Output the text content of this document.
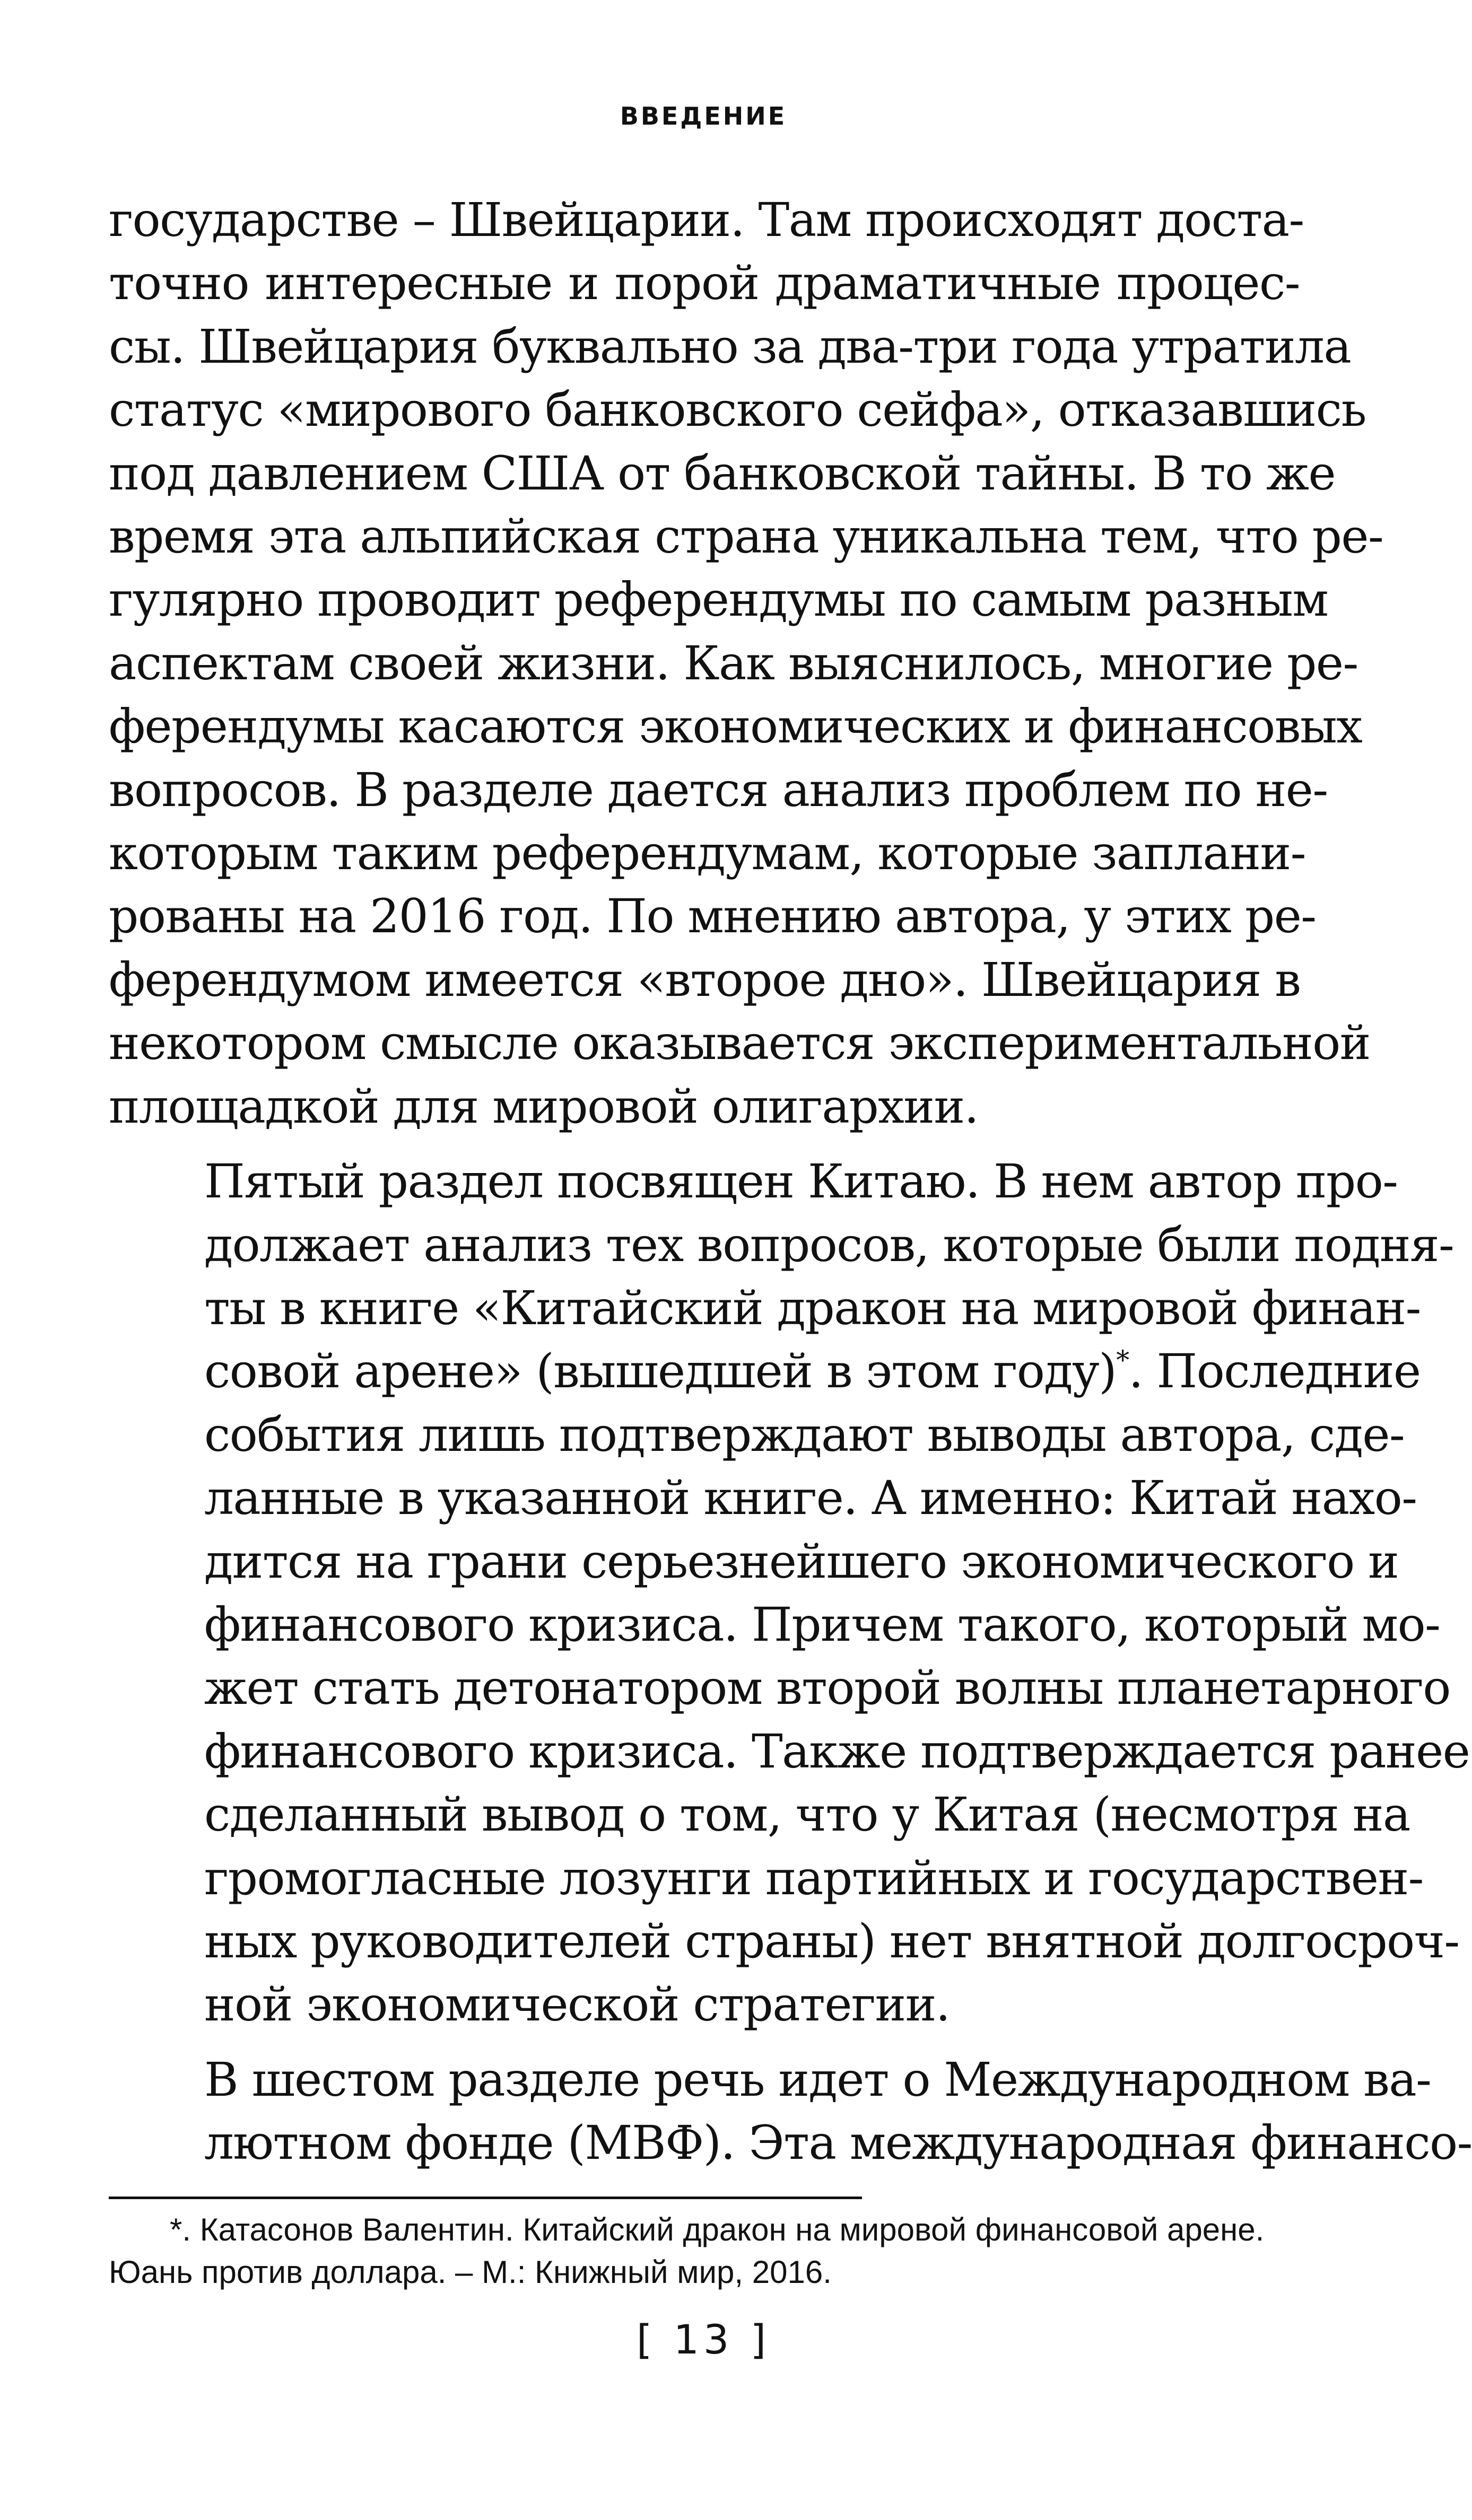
ВВЕДЕНИЕ

государстве – Швейцарии. Там происходят доста-
точно интересные и порой драматичные процес-
сы. Швейцария буквально за два-три года утратила
статус «мирового банковского сейфа», отказавшись
под давлением США от банковской тайны. В то же
время эта альпийская страна уникальна тем, что ре-
гулярно проводит референдумы по самым разным
аспектам своей жизни. Как выяснилось, многие ре-
ферендумы касаются экономических и финансовых
вопросов. В разделе дается анализ проблем по не-
которым таким референдумам, которые заплани-
рованы на 2016 год. По мнению автора, у этих ре-
ферендумом имеется «второе дно». Швейцария в
некотором смысле оказывается экспериментальной
площадкой для мировой олигархии.

Пятый раздел посвящен Китаю. В нем автор про-
должает анализ тех вопросов, которые были подня-
ты в книге «Китайский дракон на мировой финан-
совой арене» (вышедшей в этом году)*. Последние
события лишь подтверждают выводы автора, сде-
ланные в указанной книге. А именно: Китай нахо-
дится на грани серьезнейшего экономического и
финансового кризиса. Причем такого, который мо-
жет стать детонатором второй волны планетарного
финансового кризиса. Также подтверждается ранее
сделанный вывод о том, что у Китая (несмотря на
громогласные лозунги партийных и государствен-
ных руководителей страны) нет внятной долгосроч-
ной экономической стратегии.

В шестом разделе речь идет о Международном ва-
лютном фонде (МВФ). Эта международная финансо-

*. Катасонов Валентин. Китайский дракон на мировой финансовой арене.
Юань против доллара. – М.: Книжный мир, 2016.
[ 13 ]
